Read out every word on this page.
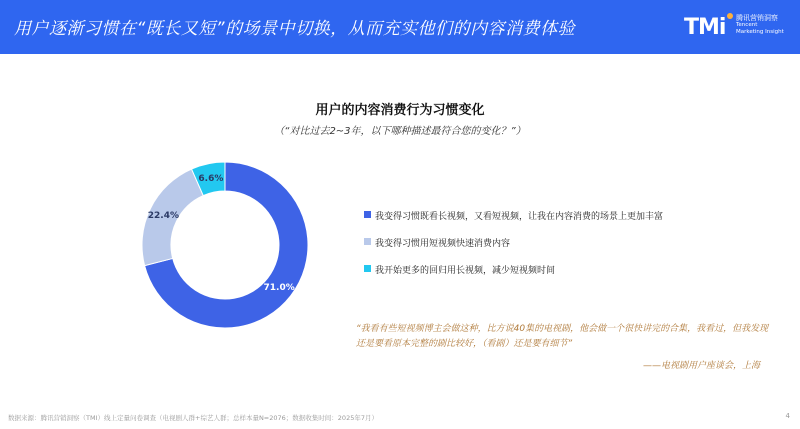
用户逐渐习惯在“既长又短”的场景中切换，从而充实他们的内容消费体验	TMi 腾讯营销洞察
Tencent
Marketing Insight
用户的内容消费行为习惯变化
（“对比过去2~3年，以下哪种描述最符合您的变化？”）
71.0%
22.4%
6.6%
我变得习惯既看长视频，又看短视频，让我在内容消费的场景上更加丰富
我变得习惯用短视频快速消费内容
我开始更多的回归用长视频，减少短视频时间
“我看有些短视频博主会做这种，比方说40集的电视剧，他会做一个很快讲完的合集，我看过，但我发现还是要看原本完整的剧比较好，（看剧）还是要有细节”
——电视剧用户座谈会，上海
数据来源：腾讯营销洞察（TMI）线上定量问卷调查（电视剧人群+综艺人群；总样本量N=2076；数据收集时间：2025年7月）	4
